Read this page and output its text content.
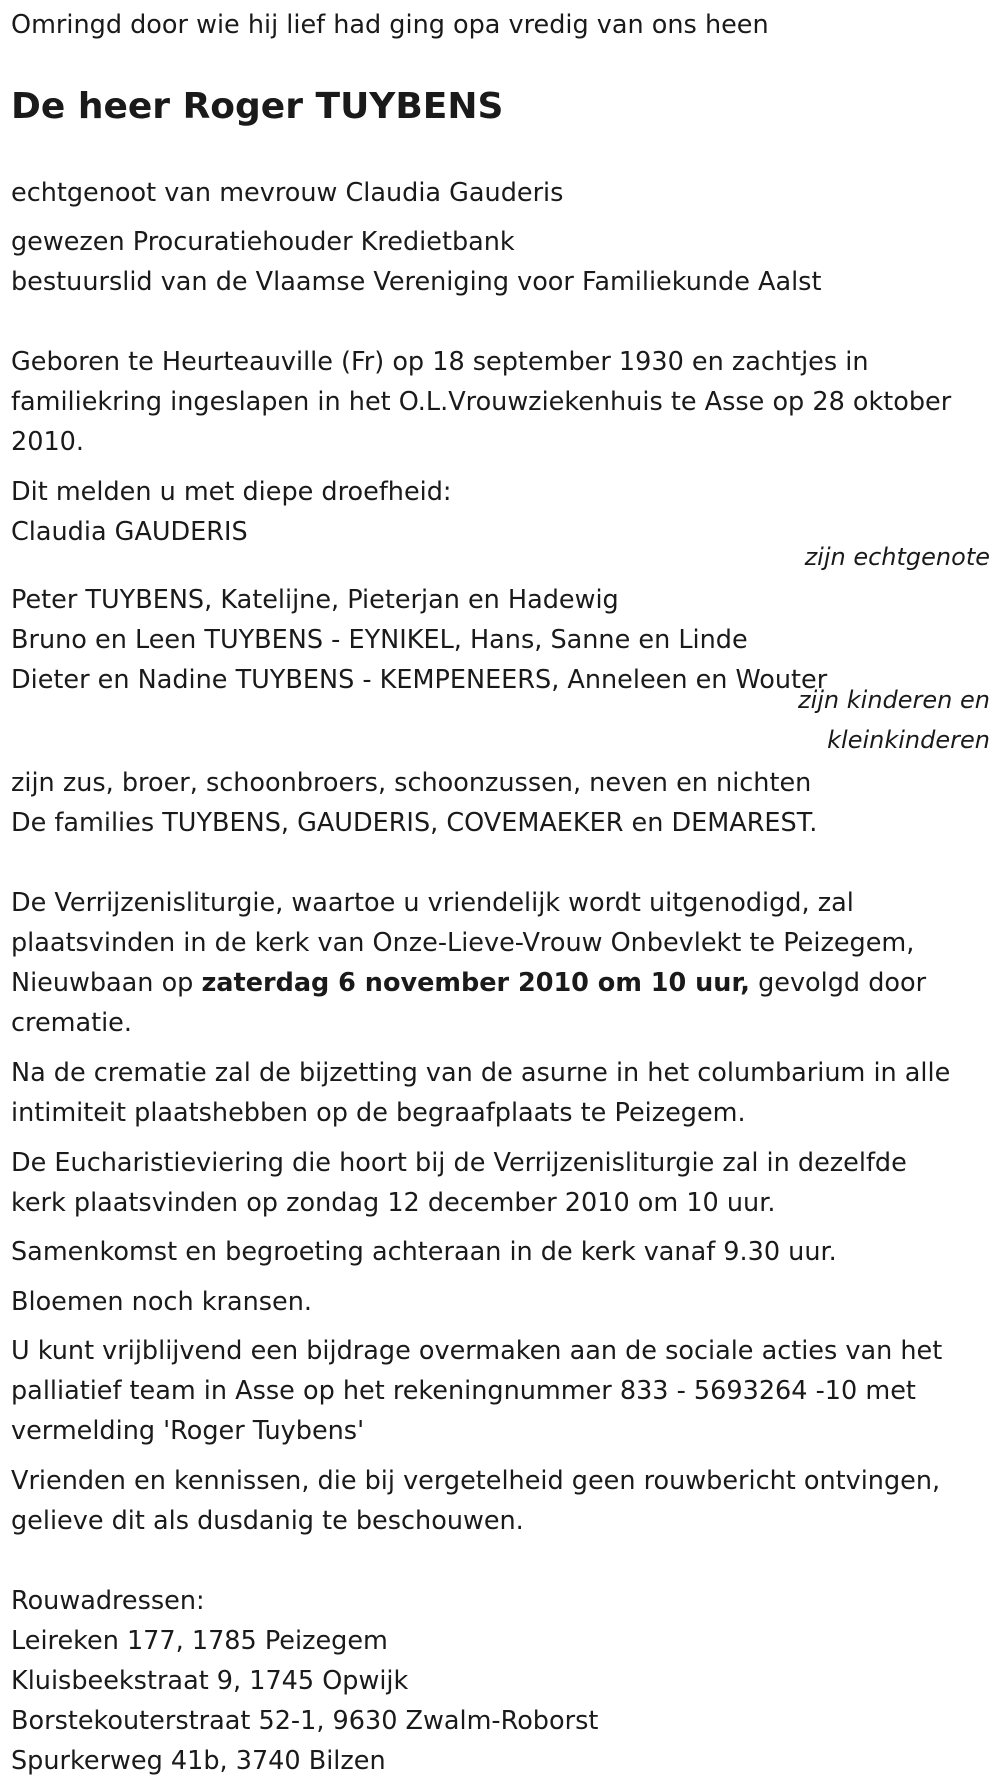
Omringd door wie hij lief had ging opa vredig van ons heen

De heer Roger TUYBENS

echtgenoot van mevrouw Claudia Gauderis

gewezen Procuratiehouder Kredietbank

bestuurslid van de Vlaamse Vereniging voor Familiekunde Aalst

Geboren te Heurteauville (Fr) op 18 september 1930 en zachtjes in

familiekring ingeslapen in het O.L.Vrouwziekenhuis te Asse op 28 oktober

2010.

Dit melden u met diepe droefheid:

Claudia GAUDERIS

zijn echtgenote

Peter TUYBENS, Katelijne, Pieterjan en Hadewig

Bruno en Leen TUYBENS - EYNIKEL, Hans, Sanne en Linde

Dieter en Nadine TUYBENS - KEMPENEERS, Anneleen en Wouter

zijn kinderen en

kleinkinderen

zijn zus, broer, schoonbroers, schoonzussen, neven en nichten

De families TUYBENS, GAUDERIS, COVEMAEKER en DEMAREST.

De Verrijzenisliturgie, waartoe u vriendelijk wordt uitgenodigd, zal

plaatsvinden in de kerk van Onze-Lieve-Vrouw Onbevlekt te Peizegem,

Nieuwbaan op zaterdag 6 november 2010 om 10 uur, gevolgd door

crematie.

Na de crematie zal de bijzetting van de asurne in het columbarium in alle

intimiteit plaatshebben op de begraafplaats te Peizegem.

De Eucharistieviering die hoort bij de Verrijzenisliturgie zal in dezelfde

kerk plaatsvinden op zondag 12 december 2010 om 10 uur.

Samenkomst en begroeting achteraan in de kerk vanaf 9.30 uur.

Bloemen noch kransen.

U kunt vrijblijvend een bijdrage overmaken aan de sociale acties van het

palliatief team in Asse op het rekeningnummer 833 - 5693264 -10 met

vermelding 'Roger Tuybens'

Vrienden en kennissen, die bij vergetelheid geen rouwbericht ontvingen,

gelieve dit als dusdanig te beschouwen.

Rouwadressen:

Leireken 177, 1785 Peizegem

Kluisbeekstraat 9, 1745 Opwijk

Borstekouterstraat 52-1, 9630 Zwalm-Roborst

Spurkerweg 41b, 3740 Bilzen
